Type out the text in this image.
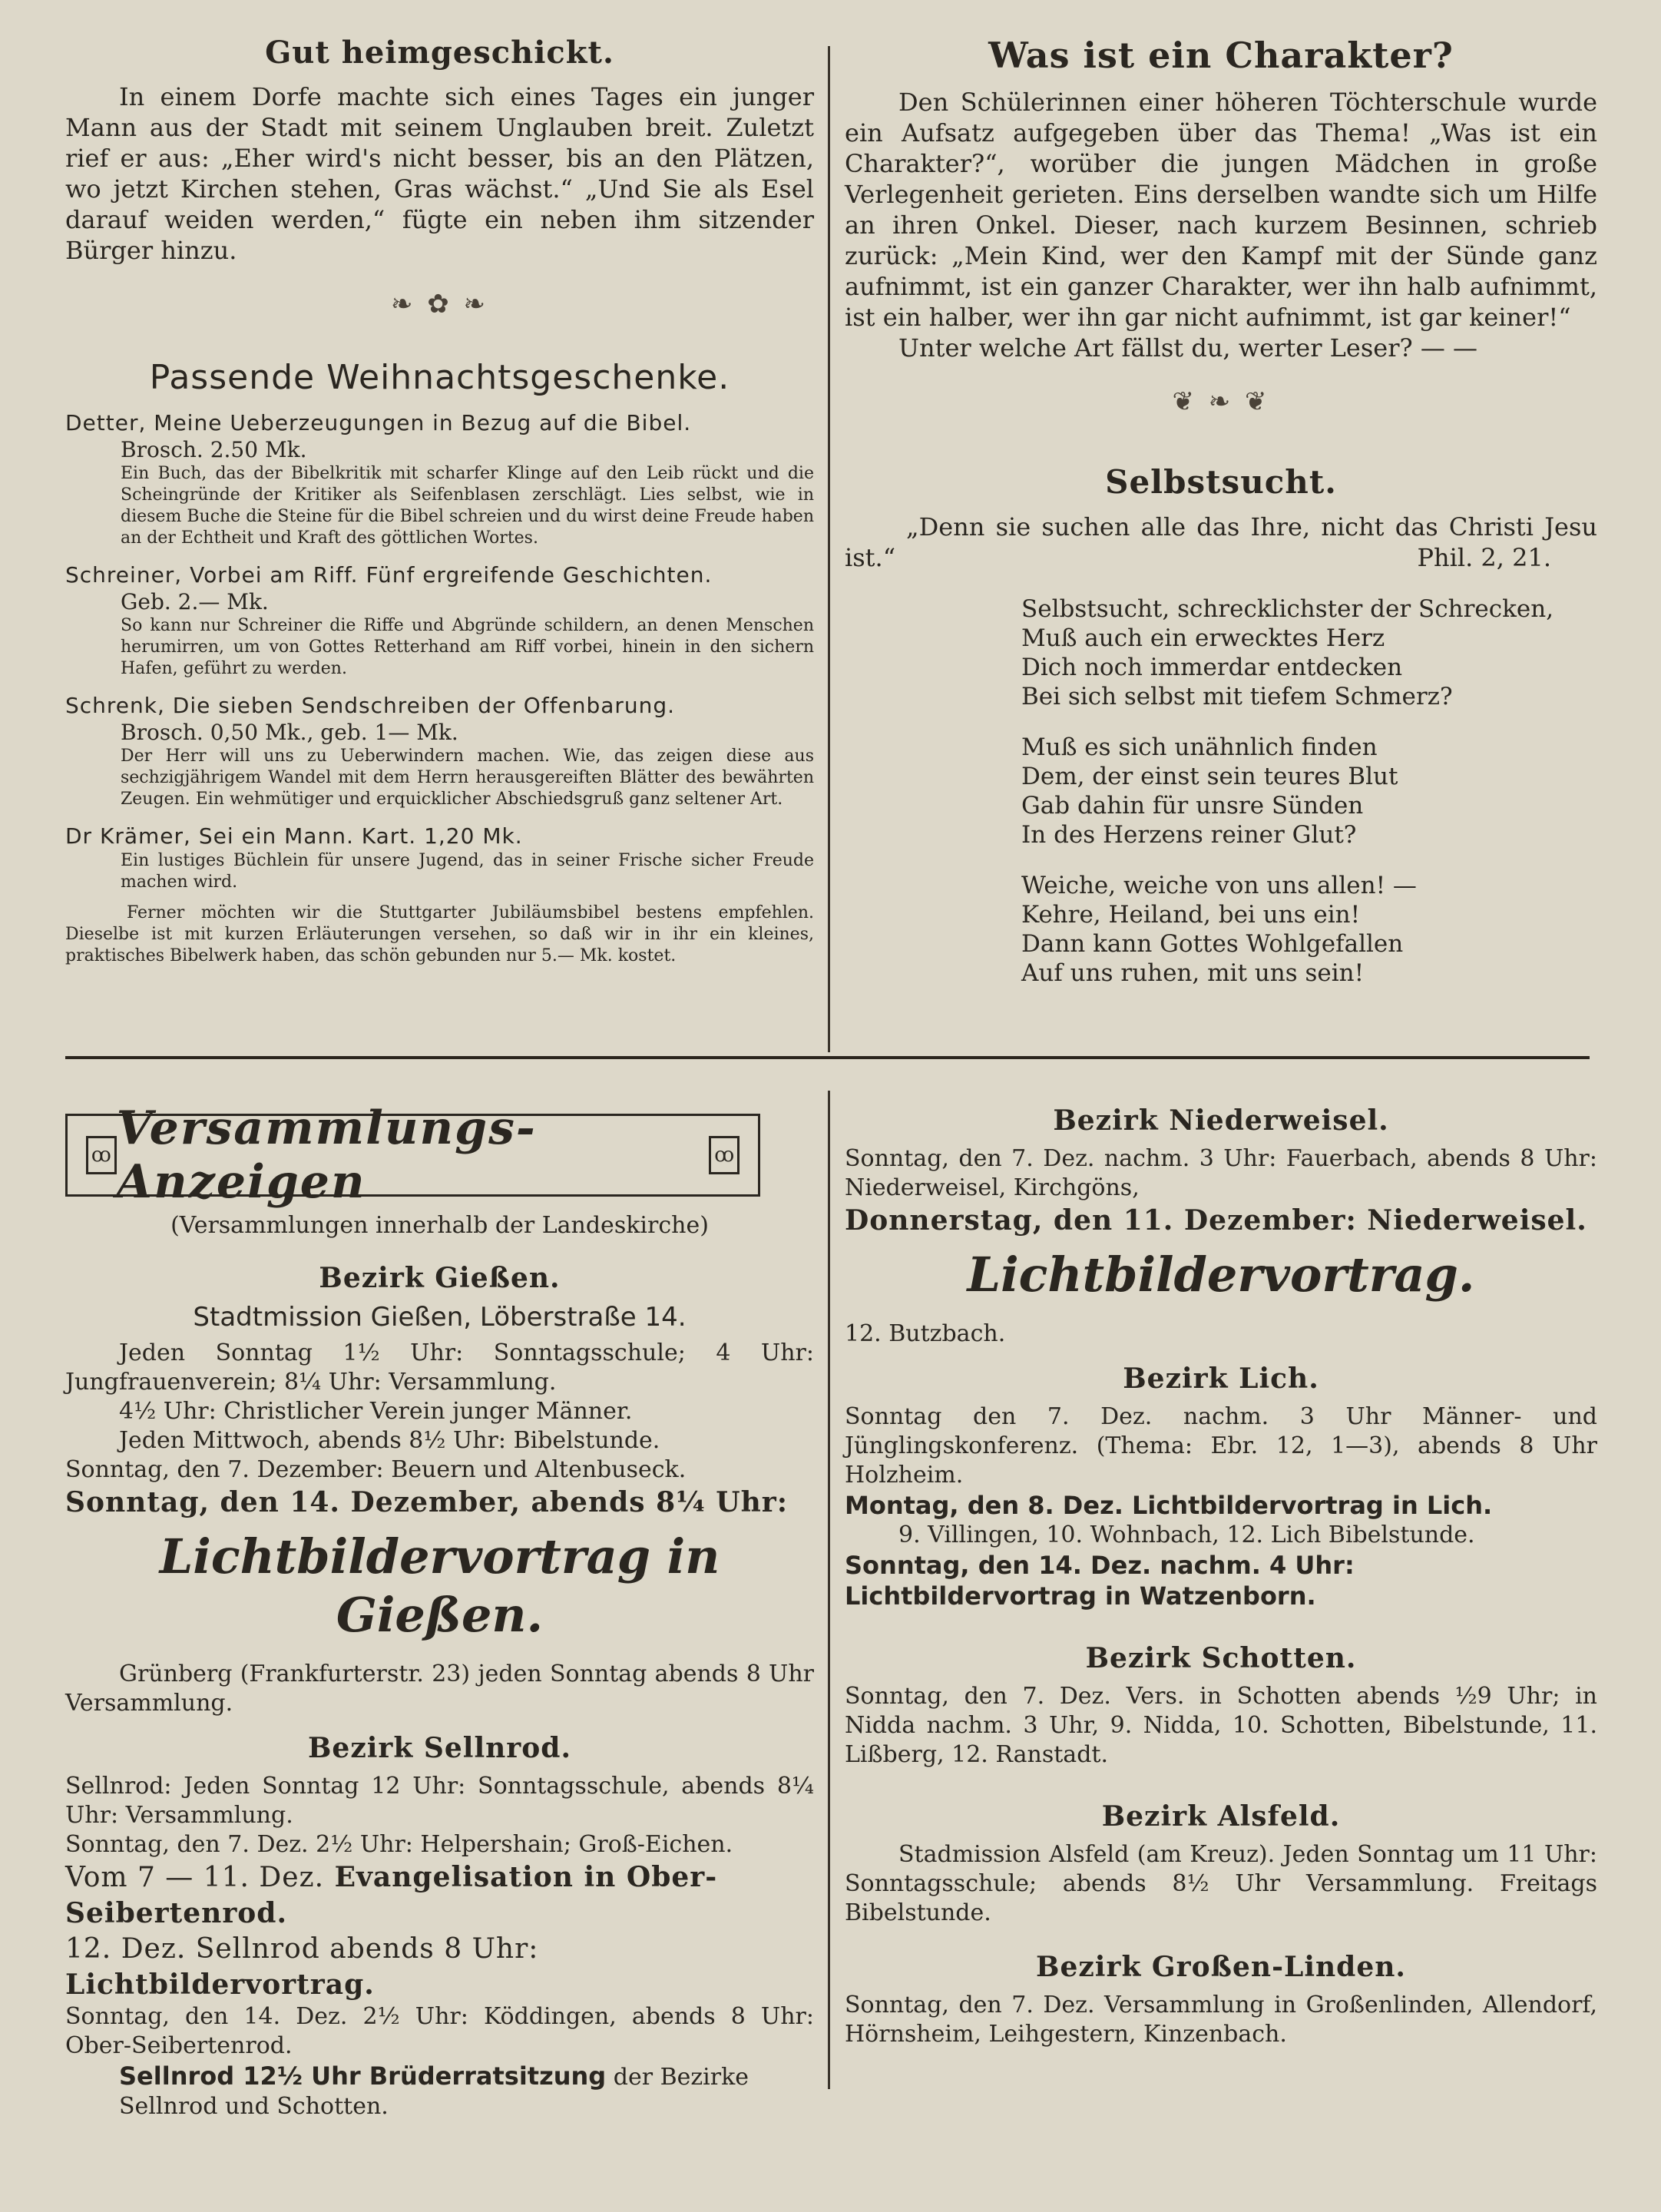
Gut heimgeschickt.

In einem Dorfe machte sich eines Tages ein junger Mann aus der Stadt mit seinem Unglauben breit. Zuletzt rief er aus: „Eher wird's nicht besser, bis an den Plätzen, wo jetzt Kirchen stehen, Gras wächst.“ „Und Sie als Esel darauf weiden werden,“ fügte ein neben ihm sitzender Bürger hinzu.

❧ ✿ ❧
Passende Weihnachtsgeschenke.
Detter, Meine Ueberzeugungen in Bezug auf die Bibel.
Brosch. 2.50 Mk.
Ein Buch, das der Bibelkritik mit scharfer Klinge auf den Leib rückt und die Scheingründe der Kritiker als Seifenblasen zerschlägt. Lies selbst, wie in diesem Buche die Steine für die Bibel schreien und du wirst deine Freude haben an der Echtheit und Kraft des göttlichen Wortes.
Schreiner, Vorbei am Riff. Fünf ergreifende Geschichten.
Geb. 2.— Mk.
So kann nur Schreiner die Riffe und Abgründe schildern, an denen Menschen herumirren, um von Gottes Retterhand am Riff vorbei, hinein in den sichern Hafen, geführt zu werden.
Schrenk, Die sieben Sendschreiben der Offenbarung.
Brosch. 0,50 Mk., geb. 1— Mk.
Der Herr will uns zu Ueberwindern machen. Wie, das zeigen diese aus sechzigjährigem Wandel mit dem Herrn herausgereiften Blätter des bewährten Zeugen. Ein wehmütiger und erquicklicher Abschiedsgruß ganz seltener Art.
Dr Krämer, Sei ein Mann. Kart. 1,20 Mk.
Ein lustiges Büchlein für unsere Jugend, das in seiner Frische sicher Freude machen wird.

Ferner möchten wir die Stuttgarter Jubiläumsbibel bestens empfehlen. Dieselbe ist mit kurzen Erläuterungen versehen, so daß wir in ihr ein kleines, praktisches Bibelwerk haben, das schön gebunden nur 5.— Mk. kostet.

Was ist ein Charakter?

Den Schülerinnen einer höheren Töchterschule wurde ein Aufsatz aufgegeben über das Thema! „Was ist ein Charakter?“, worüber die jungen Mädchen in große Verlegenheit gerieten. Eins derselben wandte sich um Hilfe an ihren Onkel. Dieser, nach kurzem Besinnen, schrieb zurück: „Mein Kind, wer den Kampf mit der Sünde ganz aufnimmt, ist ein ganzer Charakter, wer ihn halb aufnimmt, ist ein halber, wer ihn gar nicht aufnimmt, ist gar keiner!“

Unter welche Art fällst du, werter Leser? — —

❦ ❧ ❦
Selbstsucht.

„Denn sie suchen alle das Ihre, nicht das Christi Jesu ist.“	Phil. 2, 21.

Selbstsucht, schrecklichster der Schrecken,
Muß auch ein erwecktes Herz
Dich noch immerdar entdecken
Bei sich selbst mit tiefem Schmerz?
Muß es sich unähnlich finden
Dem, der einst sein teures Blut
Gab dahin für unsre Sünden
In des Herzens reiner Glut?
Weiche, weiche von uns allen! —
Kehre, Heiland, bei uns ein!
Dann kann Gottes Wohlgefallen
Auf uns ruhen, mit uns sein!
ꝏ Versammlungs-Anzeigen	ꝏ
(Versammlungen innerhalb der Landeskirche)
Bezirk Gießen.
Stadtmission Gießen, Löberstraße 14.

Jeden Sonntag 1½ Uhr: Sonntagsschule; 4 Uhr: Jungfrauenverein; 8¼ Uhr: Versammlung.

4½ Uhr: Christlicher Verein junger Männer.

Jeden Mittwoch, abends 8½ Uhr: Bibelstunde.

Sonntag, den 7. Dezember: Beuern und Altenbuseck.

Sonntag, den 14. Dezember, abends 8¼ Uhr:

Lichtbildervortrag in Gießen.

Grünberg (Frankfurterstr. 23) jeden Sonntag abends 8 Uhr Versammlung.

Bezirk Sellnrod.

Sellnrod: Jeden Sonntag 12 Uhr: Sonntagsschule, abends 8¼ Uhr: Versammlung.

Sonntag, den 7. Dez. 2½ Uhr: Helpershain; Groß-Eichen.

Vom 7 — 11. Dez. Evangelisation in Ober-Seibertenrod.

12. Dez. Sellnrod abends 8 Uhr: Lichtbildervortrag.

Sonntag, den 14. Dez. 2½ Uhr: Köddingen, abends 8 Uhr: Ober-Seibertenrod.

Sellnrod 12½ Uhr Brüderratsitzung der Bezirke Sellnrod und Schotten.

Bezirk Niederweisel.

Sonntag, den 7. Dez. nachm. 3 Uhr: Fauerbach, abends 8 Uhr: Niederweisel, Kirchgöns,

Donnerstag, den 11. Dezember: Niederweisel.

Lichtbildervortrag.

12. Butzbach.

Bezirk Lich.

Sonntag den 7. Dez. nachm. 3 Uhr Männer- und Jünglingskonferenz. (Thema: Ebr. 12, 1—3), abends 8 Uhr Holzheim.

Montag, den 8. Dez. Lichtbildervortrag in Lich.

9. Villingen, 10. Wohnbach, 12. Lich Bibelstunde.

Sonntag, den 14. Dez. nachm. 4 Uhr: Lichtbildervortrag in Watzenborn.

Bezirk Schotten.

Sonntag, den 7. Dez. Vers. in Schotten abends ½9 Uhr; in Nidda nachm. 3 Uhr, 9. Nidda, 10. Schotten, Bibelstunde, 11. Lißberg, 12. Ranstadt.

Bezirk Alsfeld.

Stadmission Alsfeld (am Kreuz). Jeden Sonntag um 11 Uhr: Sonntagsschule; abends 8½ Uhr Versammlung. Freitags Bibelstunde.

Bezirk Großen-Linden.

Sonntag, den 7. Dez. Versammlung in Großenlinden, Allendorf, Hörnsheim, Leihgestern, Kinzenbach.
